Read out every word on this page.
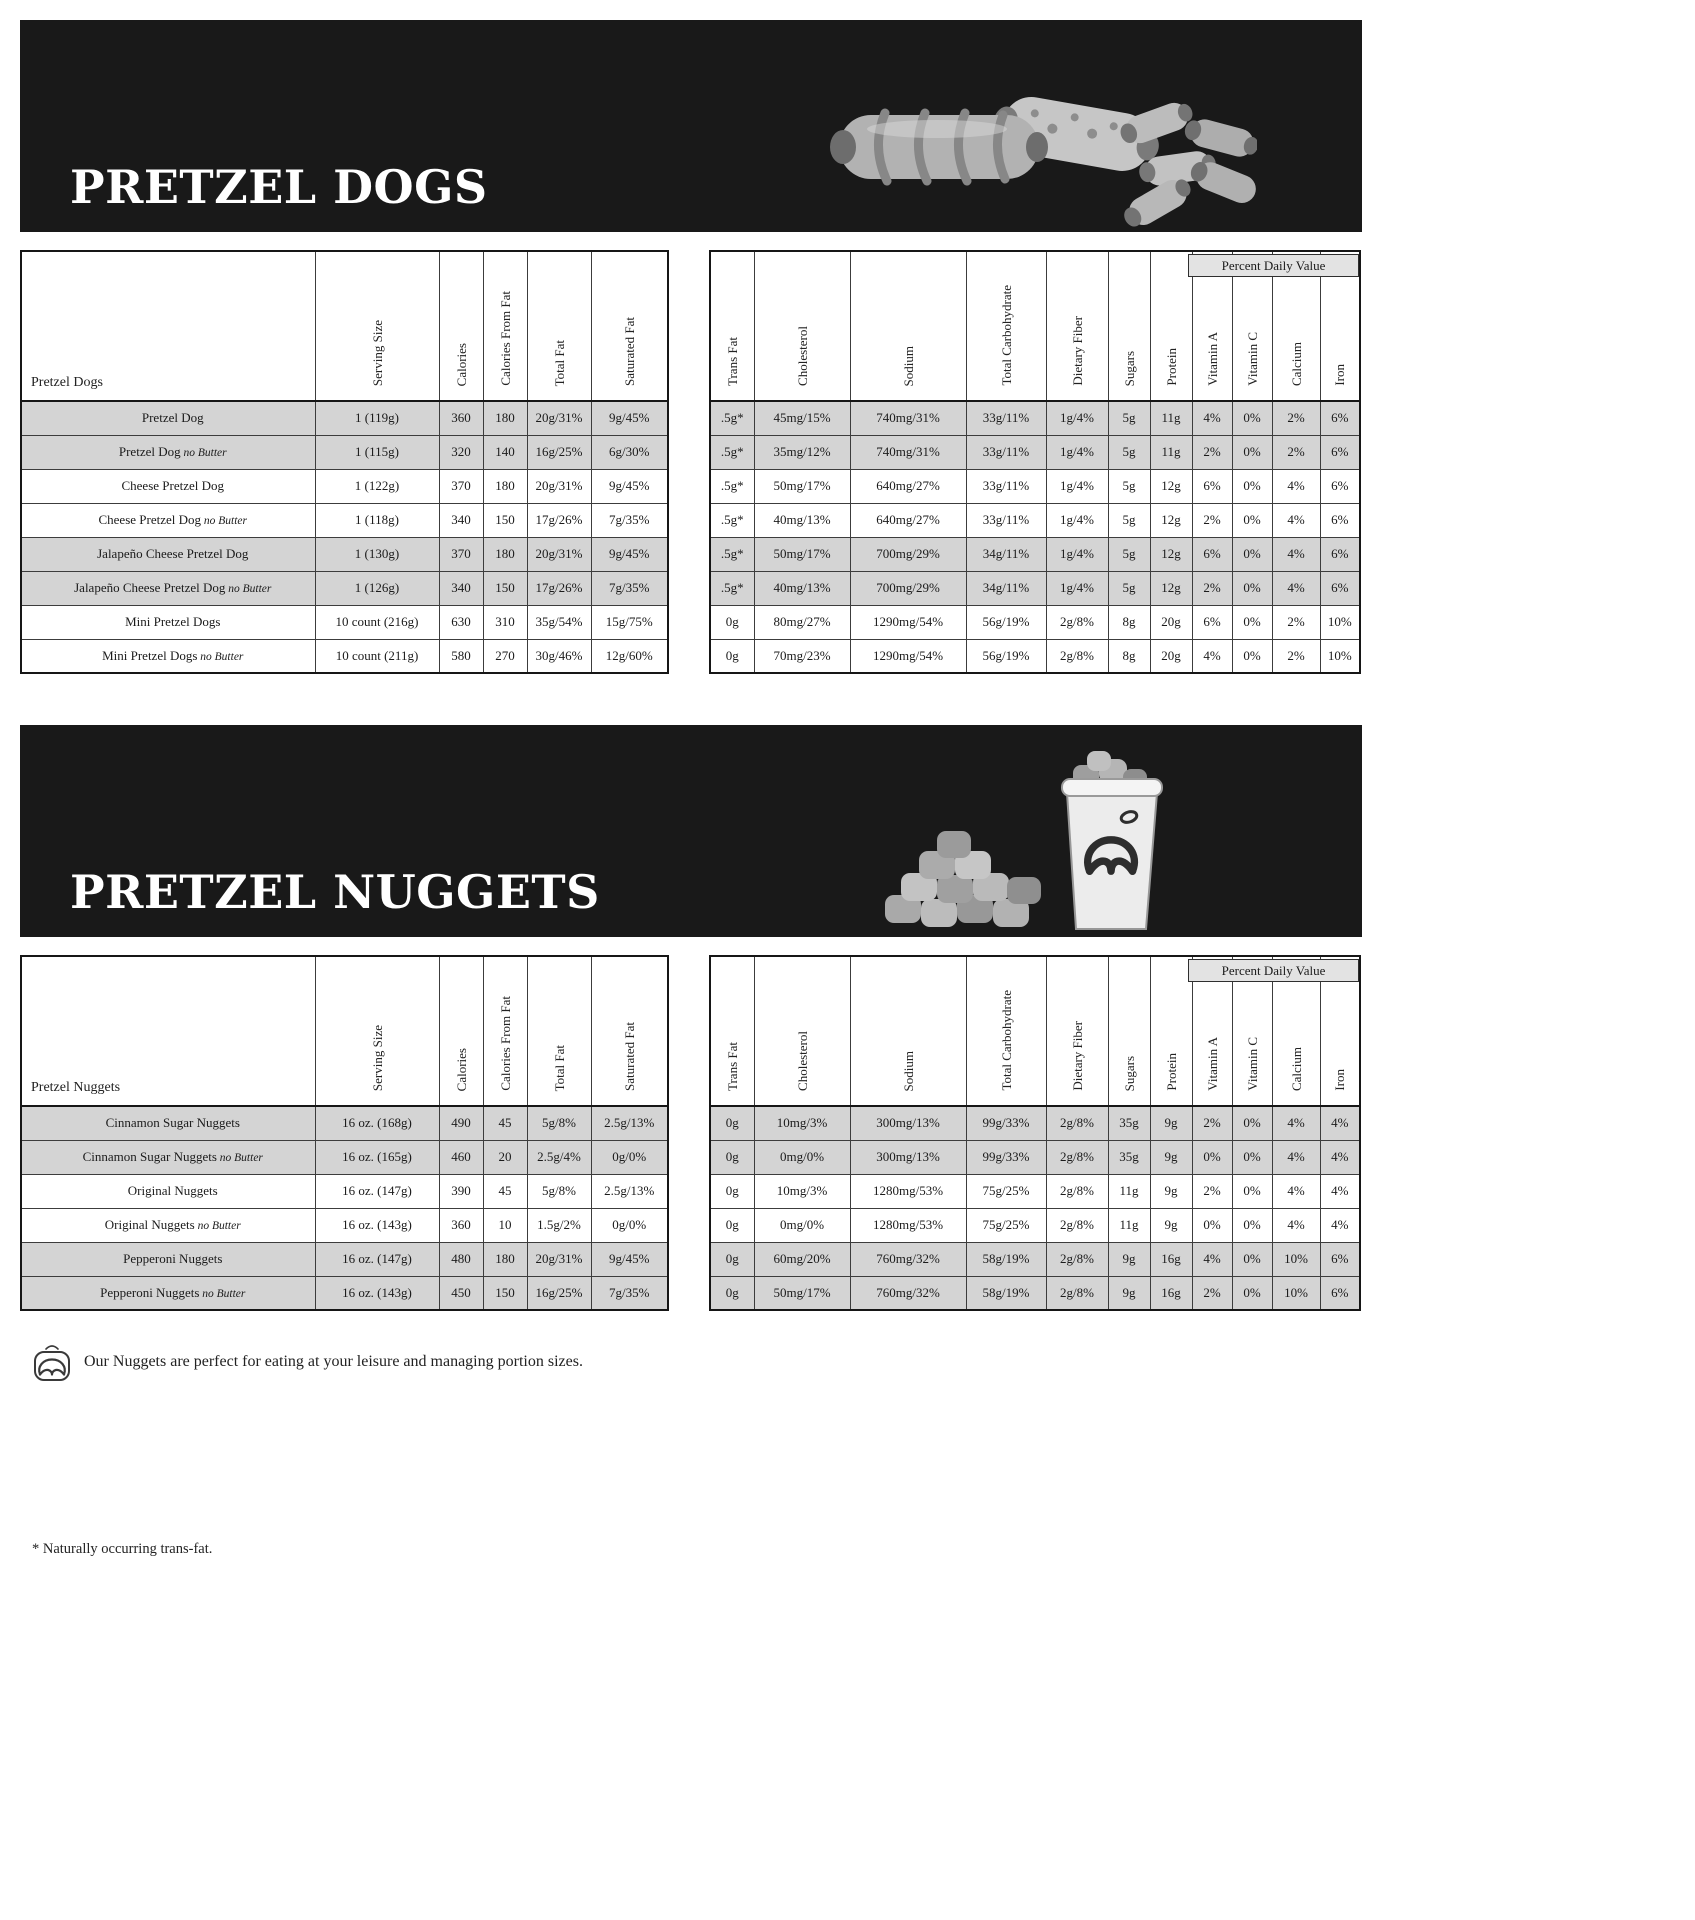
PRETZEL DOGS
Pretzel Dogs	Serving Size	Calories	Calories From Fat	Total Fat	Saturated Fat
Pretzel Dog	1 (119g)	360	180	20g/31%	9g/45%
Pretzel Dog no Butter	1 (115g)	320	140	16g/25%	6g/30%
Cheese Pretzel Dog	1 (122g)	370	180	20g/31%	9g/45%
Cheese Pretzel Dog no Butter	1 (118g)	340	150	17g/26%	7g/35%
Jalapeño Cheese Pretzel Dog	1 (130g)	370	180	20g/31%	9g/45%
Jalapeño Cheese Pretzel Dog no Butter	1 (126g)	340	150	17g/26%	7g/35%
Mini Pretzel Dogs	10 count (216g)	630	310	35g/54%	15g/75%
Mini Pretzel Dogs no Butter	10 count (211g)	580	270	30g/46%	12g/60%
Trans Fat	Cholesterol	Sodium	Total Carbohydrate	Dietary Fiber	Sugars	Protein	Vitamin A	Vitamin C	Calcium	Iron
.5g*	45mg/15%	740mg/31%	33g/11%	1g/4%	5g	11g	4%	0%	2%	6%
.5g*	35mg/12%	740mg/31%	33g/11%	1g/4%	5g	11g	2%	0%	2%	6%
.5g*	50mg/17%	640mg/27%	33g/11%	1g/4%	5g	12g	6%	0%	4%	6%
.5g*	40mg/13%	640mg/27%	33g/11%	1g/4%	5g	12g	2%	0%	4%	6%
.5g*	50mg/17%	700mg/29%	34g/11%	1g/4%	5g	12g	6%	0%	4%	6%
.5g*	40mg/13%	700mg/29%	34g/11%	1g/4%	5g	12g	2%	0%	4%	6%
0g	80mg/27%	1290mg/54%	56g/19%	2g/8%	8g	20g	6%	0%	2%	10%
0g	70mg/23%	1290mg/54%	56g/19%	2g/8%	8g	20g	4%	0%	2%	10%
Percent Daily Value
PRETZEL NUGGETS
Pretzel Nuggets	Serving Size	Calories	Calories From Fat	Total Fat	Saturated Fat
Cinnamon Sugar Nuggets	16 oz. (168g)	490	45	5g/8%	2.5g/13%
Cinnamon Sugar Nuggets no Butter	16 oz. (165g)	460	20	2.5g/4%	0g/0%
Original Nuggets	16 oz. (147g)	390	45	5g/8%	2.5g/13%
Original Nuggets no Butter	16 oz. (143g)	360	10	1.5g/2%	0g/0%
Pepperoni Nuggets	16 oz. (147g)	480	180	20g/31%	9g/45%
Pepperoni Nuggets no Butter	16 oz. (143g)	450	150	16g/25%	7g/35%
Trans Fat	Cholesterol	Sodium	Total Carbohydrate	Dietary Fiber	Sugars	Protein	Vitamin A	Vitamin C	Calcium	Iron
0g	10mg/3%	300mg/13%	99g/33%	2g/8%	35g	9g	2%	0%	4%	4%
0g	0mg/0%	300mg/13%	99g/33%	2g/8%	35g	9g	0%	0%	4%	4%
0g	10mg/3%	1280mg/53%	75g/25%	2g/8%	11g	9g	2%	0%	4%	4%
0g	0mg/0%	1280mg/53%	75g/25%	2g/8%	11g	9g	0%	0%	4%	4%
0g	60mg/20%	760mg/32%	58g/19%	2g/8%	9g	16g	4%	0%	10%	6%
0g	50mg/17%	760mg/32%	58g/19%	2g/8%	9g	16g	2%	0%	10%	6%
Percent Daily Value
Our Nuggets are perfect for eating at your leisure and managing portion sizes.
* Naturally occurring trans-fat.
